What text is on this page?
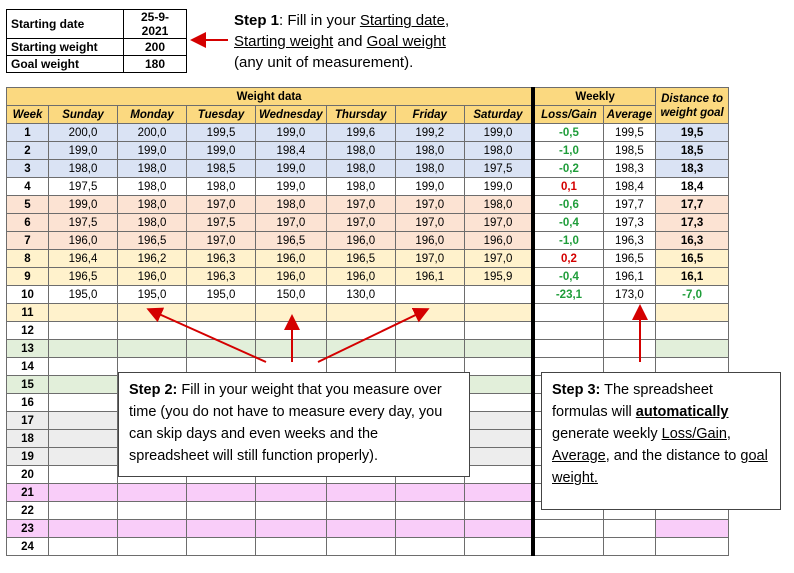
Starting date	25-9-2021
Starting weight	200
Goal weight	180
Step 1: Fill in your Starting date,
Starting weight and Goal weight
(any unit of measurement).
Weight data								Weekly		Distance to weight goal
Week	Sunday	Monday	Tuesday	Wednesday	Thursday	Friday	Saturday	Loss/Gain	Average	
1	200,0	200,0	199,5	199,0	199,6	199,2	199,0	-0,5	199,5	19,5
2	199,0	199,0	199,0	198,4	198,0	198,0	198,0	-1,0	198,5	18,5
3	198,0	198,0	198,5	199,0	198,0	198,0	197,5	-0,2	198,3	18,3
4	197,5	198,0	198,0	199,0	198,0	199,0	199,0	0,1	198,4	18,4
5	199,0	198,0	197,0	198,0	197,0	197,0	198,0	-0,6	197,7	17,7
6	197,5	198,0	197,5	197,0	197,0	197,0	197,0	-0,4	197,3	17,3
7	196,0	196,5	197,0	196,5	196,0	196,0	196,0	-1,0	196,3	16,3
8	196,4	196,2	196,3	196,0	196,5	197,0	197,0	0,2	196,5	16,5
9	196,5	196,0	196,3	196,0	196,0	196,1	195,9	-0,4	196,1	16,1
10	195,0	195,0	195,0	150,0	130,0			-23,1	173,0	-7,0
11										
12										
13										
14										
15										
16										
17										
18										
19										
20										
21										
22										
23										
24										
Step 2: Fill in your weight that you measure over time (you do not have to measure every day, you can skip days and even weeks and the spreadsheet will still function properly).
Step 3: The spreadsheet formulas will automatically generate weekly Loss/Gain, Average, and the distance to goal weight.
